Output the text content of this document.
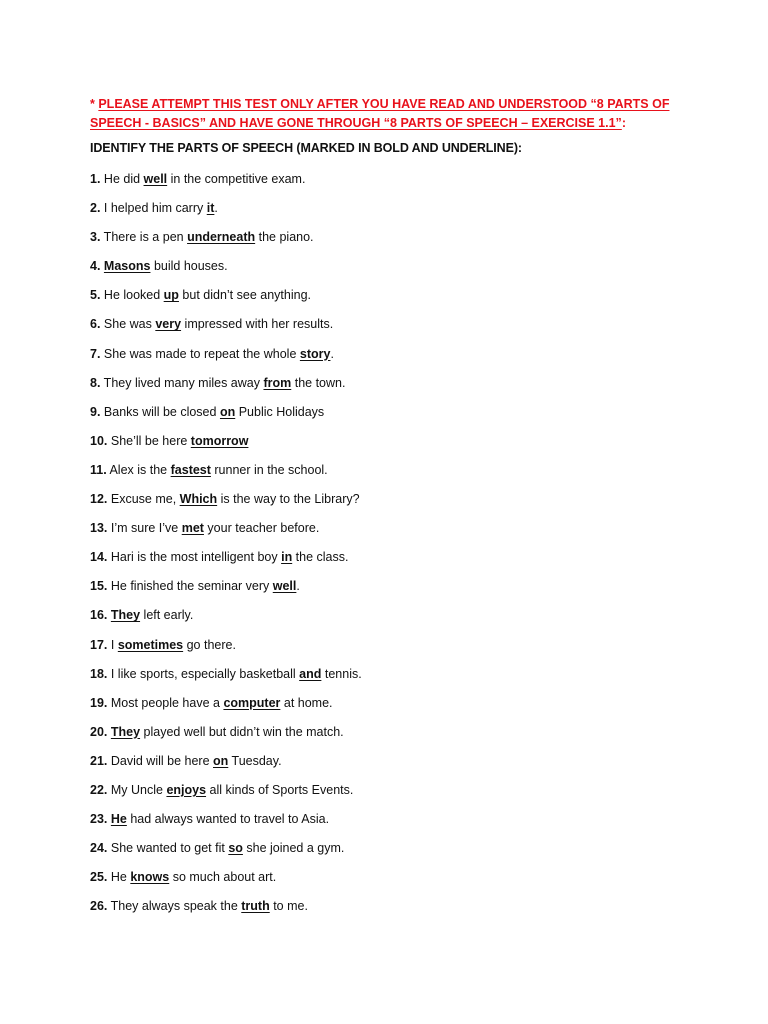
* PLEASE ATTEMPT THIS TEST ONLY AFTER YOU HAVE READ AND UNDERSTOOD “8 PARTS OF SPEECH - BASICS” AND HAVE GONE THROUGH “8 PARTS OF SPEECH – EXERCISE 1.1”:
IDENTIFY THE PARTS OF SPEECH (MARKED IN BOLD AND UNDERLINE):
1. He did well in the competitive exam.
2. I helped him carry it.
3. There is a pen underneath the piano.
4. Masons build houses.
5. He looked up but didn’t see anything.
6. She was very impressed with her results.
7. She was made to repeat the whole story.
8. They lived many miles away from the town.
9. Banks will be closed on Public Holidays
10. She’ll be here tomorrow
11. Alex is the fastest runner in the school.
12. Excuse me, Which is the way to the Library?
13. I’m sure I’ve met your teacher before.
14. Hari is the most intelligent boy in the class.
15. He finished the seminar very well.
16. They left early.
17. I sometimes go there.
18. I like sports, especially basketball and tennis.
19. Most people have a computer at home.
20. They played well but didn’t win the match.
21. David will be here on Tuesday.
22. My Uncle enjoys all kinds of Sports Events.
23. He had always wanted to travel to Asia.
24. She wanted to get fit so she joined a gym.
25. He knows so much about art.
26. They always speak the truth to me.
